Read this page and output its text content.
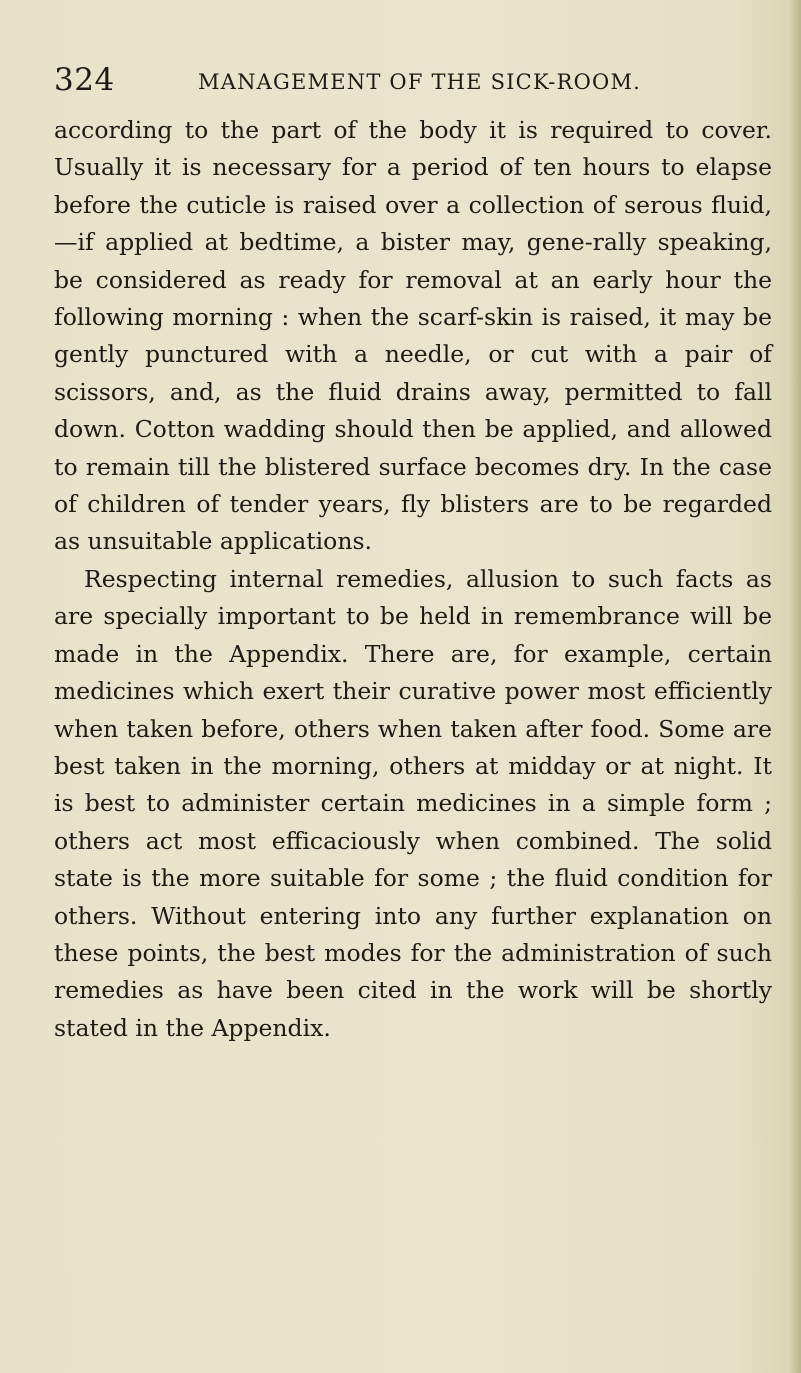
324	MANAGEMENT OF THE SICK-ROOM.

according to the part of the body it is required to cover. Usually it is necessary for a period of ten hours to elapse before the cuticle is raised over a collection of serous fluid,—if applied at bedtime, a bister may, gene-rally speaking, be considered as ready for removal at an early hour the following morning : when the scarf-skin is raised, it may be gently punctured with a needle, or cut with a pair of scissors, and, as the fluid drains away, permitted to fall down. Cotton wadding should then be applied, and allowed to remain till the blistered surface becomes dry. In the case of children of tender years, fly blisters are to be regarded as unsuitable applications.

Respecting internal remedies, allusion to such facts as are specially important to be held in remembrance will be made in the Appendix. There are, for example, certain medicines which exert their curative power most efficiently when taken before, others when taken after food. Some are best taken in the morning, others at midday or at night. It is best to administer certain medicines in a simple form ; others act most efficaciously when combined. The solid state is the more suitable for some ; the fluid condition for others. Without entering into any further explanation on these points, the best modes for the administration of such remedies as have been cited in the work will be shortly stated in the Appendix.
